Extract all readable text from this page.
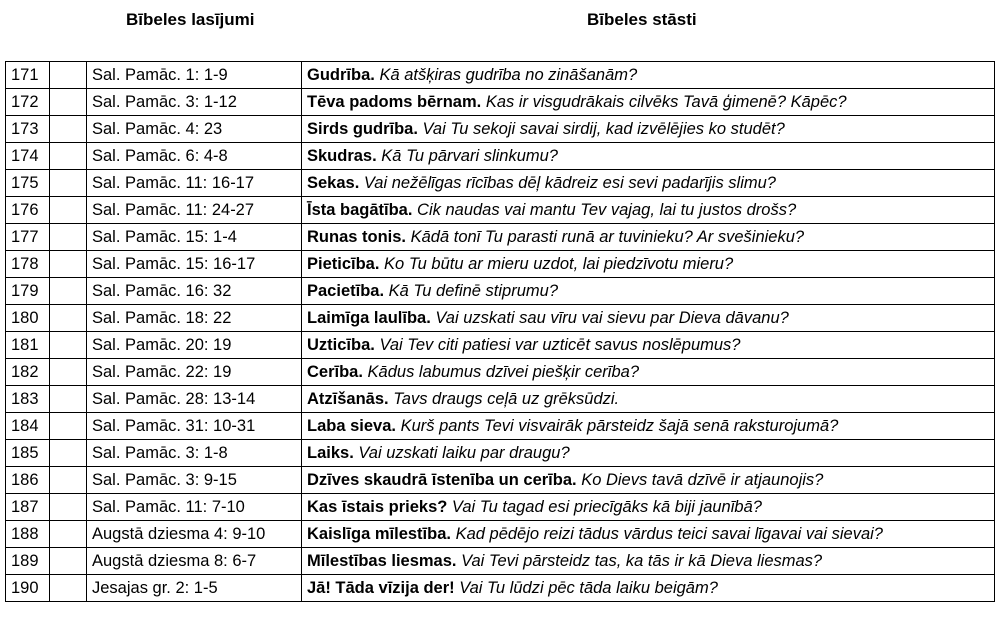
Bībeles lasījumi	Bībeles stāsti
171		Sal. Pamāc. 1: 1-9	Gudrība. Kā atšķiras gudrība no zināšanām?
172		Sal. Pamāc. 3: 1-12	Tēva padoms bērnam. Kas ir visgudrākais cilvēks Tavā ģimenē? Kāpēc?
173		Sal. Pamāc. 4: 23	Sirds gudrība. Vai Tu sekoji savai sirdij, kad izvēlējies ko studēt?
174		Sal. Pamāc. 6: 4-8	Skudras. Kā Tu pārvari slinkumu?
175		Sal. Pamāc. 11: 16-17	Sekas. Vai nežēlīgas rīcības dēļ kādreiz esi sevi padarījis slimu?
176		Sal. Pamāc. 11: 24-27	Īsta bagātība. Cik naudas vai mantu Tev vajag, lai tu justos drošs?
177		Sal. Pamāc. 15: 1-4	Runas tonis. Kādā tonī Tu parasti runā ar tuvinieku? Ar svešinieku?
178		Sal. Pamāc. 15: 16-17	Pieticība. Ko Tu būtu ar mieru uzdot, lai piedzīvotu mieru?
179		Sal. Pamāc. 16: 32	Pacietība. Kā Tu definē stiprumu?
180		Sal. Pamāc. 18: 22	Laimīga laulība. Vai uzskati sau vīru vai sievu par Dieva dāvanu?
181		Sal. Pamāc. 20: 19	Uzticība. Vai Tev citi patiesi var uzticēt savus noslēpumus?
182		Sal. Pamāc. 22: 19	Cerība. Kādus labumus dzīvei piešķir cerība?
183		Sal. Pamāc. 28: 13-14	Atzīšanās. Tavs draugs ceļā uz grēksūdzi.
184		Sal. Pamāc. 31: 10-31	Laba sieva. Kurš pants Tevi visvairāk pārsteidz šajā senā raksturojumā?
185		Sal. Pamāc. 3: 1-8	Laiks. Vai uzskati laiku par draugu?
186		Sal. Pamāc. 3: 9-15	Dzīves skaudrā īstenība un cerība. Ko Dievs tavā dzīvē ir atjaunojis?
187		Sal. Pamāc. 11: 7-10	Kas īstais prieks? Vai Tu tagad esi priecīgāks kā biji jaunībā?
188		Augstā dziesma 4: 9-10	Kaislīga mīlestība. Kad pēdējo reizi tādus vārdus teici savai līgavai vai sievai?
189		Augstā dziesma 8: 6-7	Mīlestības liesmas. Vai Tevi pārsteidz tas, ka tās ir kā Dieva liesmas?
190		Jesajas gr. 2: 1-5	Jā! Tāda vīzija der! Vai Tu lūdzi pēc tāda laiku beigām?
